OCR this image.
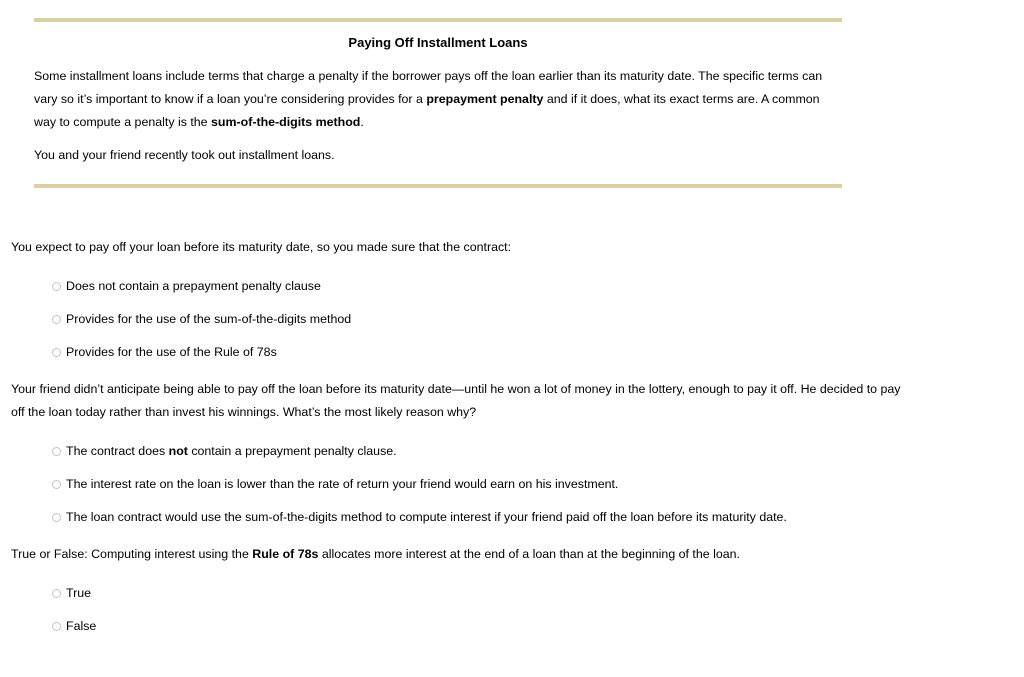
Paying Off Installment Loans

Some installment loans include terms that charge a penalty if the borrower pays off the loan earlier than its maturity date. The specific terms can vary so it’s important to know if a loan you’re considering provides for a prepayment penalty and if it does, what its exact terms are. A common way to compute a penalty is the sum-of-the-digits method.

You and your friend recently took out installment loans.

You expect to pay off your loan before its maturity date, so you made sure that the contract:

Does not contain a prepayment penalty clause
Provides for the use of the sum-of-the-digits method
Provides for the use of the Rule of 78s

Your friend didn’t anticipate being able to pay off the loan before its maturity date—until he won a lot of money in the lottery, enough to pay it off. He decided to pay off the loan today rather than invest his winnings. What’s the most likely reason why?

The contract does not contain a prepayment penalty clause.
The interest rate on the loan is lower than the rate of return your friend would earn on his investment.
The loan contract would use the sum-of-the-digits method to compute interest if your friend paid off the loan before its maturity date.

True or False: Computing interest using the Rule of 78s allocates more interest at the end of a loan than at the beginning of the loan.

True
False
